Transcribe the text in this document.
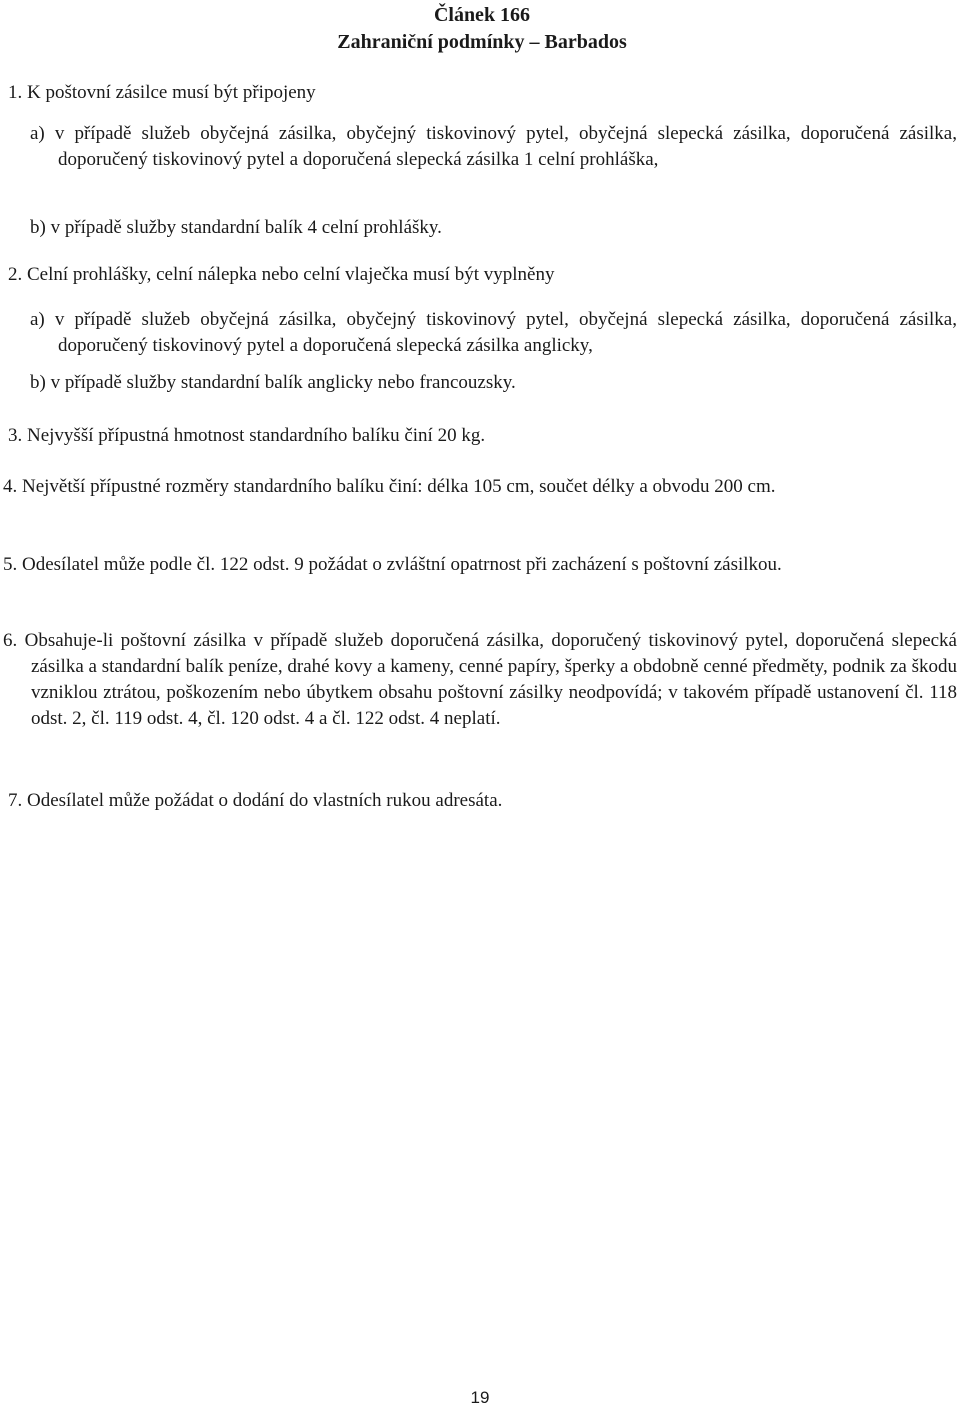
Článek 166
Zahraniční podmínky – Barbados

1. K poštovní zásilce musí být připojeny

a) v případě služeb obyčejná zásilka, obyčejný tiskovinový pytel, obyčejná slepecká zásilka, doporučená zásilka, doporučený tiskovinový pytel a doporučená slepecká zásilka 1 celní prohláška,

b) v případě služby standardní balík 4 celní prohlášky.

2. Celní prohlášky, celní nálepka nebo celní vlaječka musí být vyplněny

a) v případě služeb obyčejná zásilka, obyčejný tiskovinový pytel, obyčejná slepecká zásilka, doporučená zásilka, doporučený tiskovinový pytel a doporučená slepecká zásilka anglicky,

b) v případě služby standardní balík anglicky nebo francouzsky.

3. Nejvyšší přípustná hmotnost standardního balíku činí 20 kg.

4. Největší přípustné rozměry standardního balíku činí: délka 105 cm, součet délky a obvodu 200 cm.

5. Odesílatel může podle čl. 122 odst. 9 požádat o zvláštní opatrnost při zacházení s poštovní zásilkou.

6. Obsahuje-li poštovní zásilka v případě služeb doporučená zásilka, doporučený tiskovinový pytel, doporučená slepecká zásilka a standardní balík peníze, drahé kovy a kameny, cenné papíry, šperky a obdobně cenné předměty, podnik za škodu vzniklou ztrátou, poškozením nebo úbytkem obsahu poštovní zásilky neodpovídá; v takovém případě ustanovení čl. 118 odst. 2, čl. 119 odst. 4, čl. 120 odst. 4 a čl. 122 odst. 4 neplatí.

7. Odesílatel může požádat o dodání do vlastních rukou adresáta.

19
